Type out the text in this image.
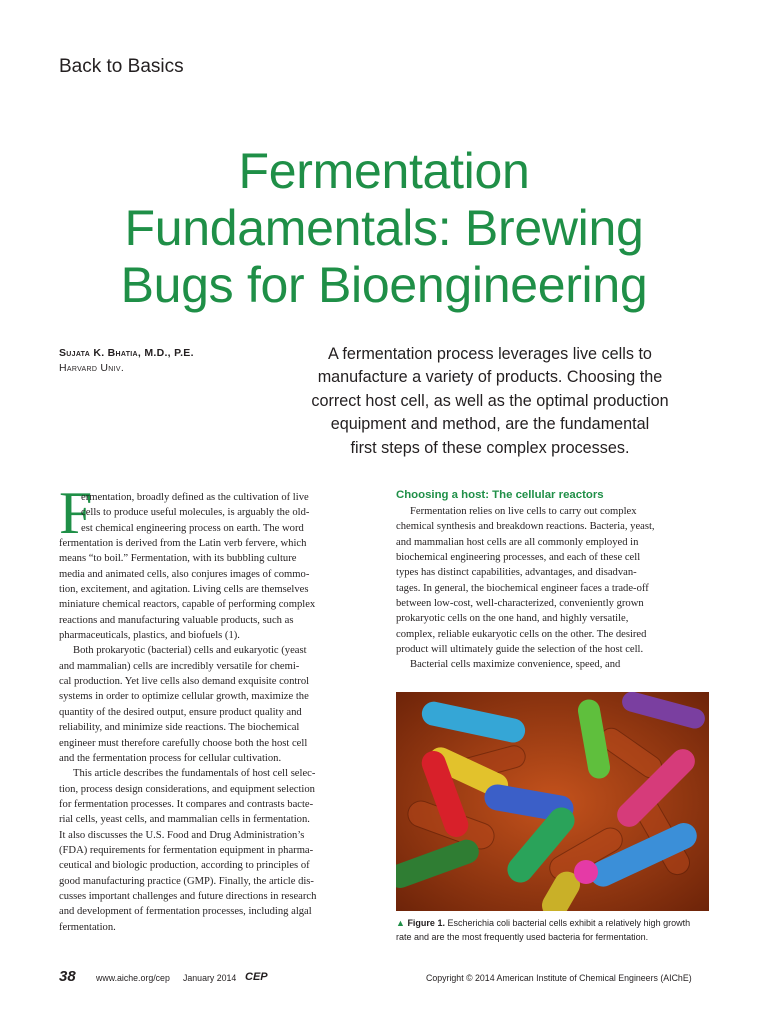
Back to Basics
Fermentation
Fundamentals: Brewing
Bugs for Bioengineering
Sujata K. Bhatia, M.D., P.E.
Harvard Univ.
A fermentation process leverages live cells to
manufacture a variety of products. Choosing the
correct host cell, as well as the optimal production
equipment and method, are the fundamental
first steps of these complex processes.
F
ermentation, broadly defined as the cultivation of live
cells to produce useful molecules, is arguably the old-
est chemical engineering process on earth. The word
fermentation is derived from the Latin verb fervere, which
means “to boil.” Fermentation, with its bubbling culture
media and animated cells, also conjures images of commo-
tion, excitement, and agitation. Living cells are themselves
miniature chemical reactors, capable of performing complex
reactions and manufacturing valuable products, such as
pharmaceuticals, plastics, and biofuels (1).
Both prokaryotic (bacterial) cells and eukaryotic (yeast
and mammalian) cells are incredibly versatile for chemi-
cal production. Yet live cells also demand exquisite control
systems in order to optimize cellular growth, maximize the
quantity of the desired output, ensure product quality and
reliability, and minimize side reactions. The biochemical
engineer must therefore carefully choose both the host cell
and the fermentation process for cellular cultivation.
This article describes the fundamentals of host cell selec-
tion, process design considerations, and equipment selection
for fermentation processes. It compares and contrasts bacte-
rial cells, yeast cells, and mammalian cells in fermentation.
It also discusses the U.S. Food and Drug Administration’s
(FDA) requirements for fermentation equipment in pharma-
ceutical and biologic production, according to principles of
good manufacturing practice (GMP). Finally, the article dis-
cusses important challenges and future directions in research
and development of fermentation processes, including algal
fermentation.
Choosing a host: The cellular reactors
Fermentation relies on live cells to carry out complex
chemical synthesis and breakdown reactions. Bacteria, yeast,
and mammalian host cells are all commonly employed in
biochemical engineering processes, and each of these cell
types has distinct capabilities, advantages, and disadvan-
tages. In general, the biochemical engineer faces a trade-off
between low-cost, well-characterized, conveniently grown
prokaryotic cells on the one hand, and highly versatile,
complex, reliable eukaryotic cells on the other. The desired
product will ultimately guide the selection of the host cell.
Bacterial cells maximize convenience, speed, and
▲ Figure 1. Escherichia coli bacterial cells exhibit a relatively high growth
rate and are the most frequently used bacteria for fermentation.
38 www.aiche.org/cep January 2014 CEP	Copyright © 2014 American Institute of Chemical Engineers (AIChE)
